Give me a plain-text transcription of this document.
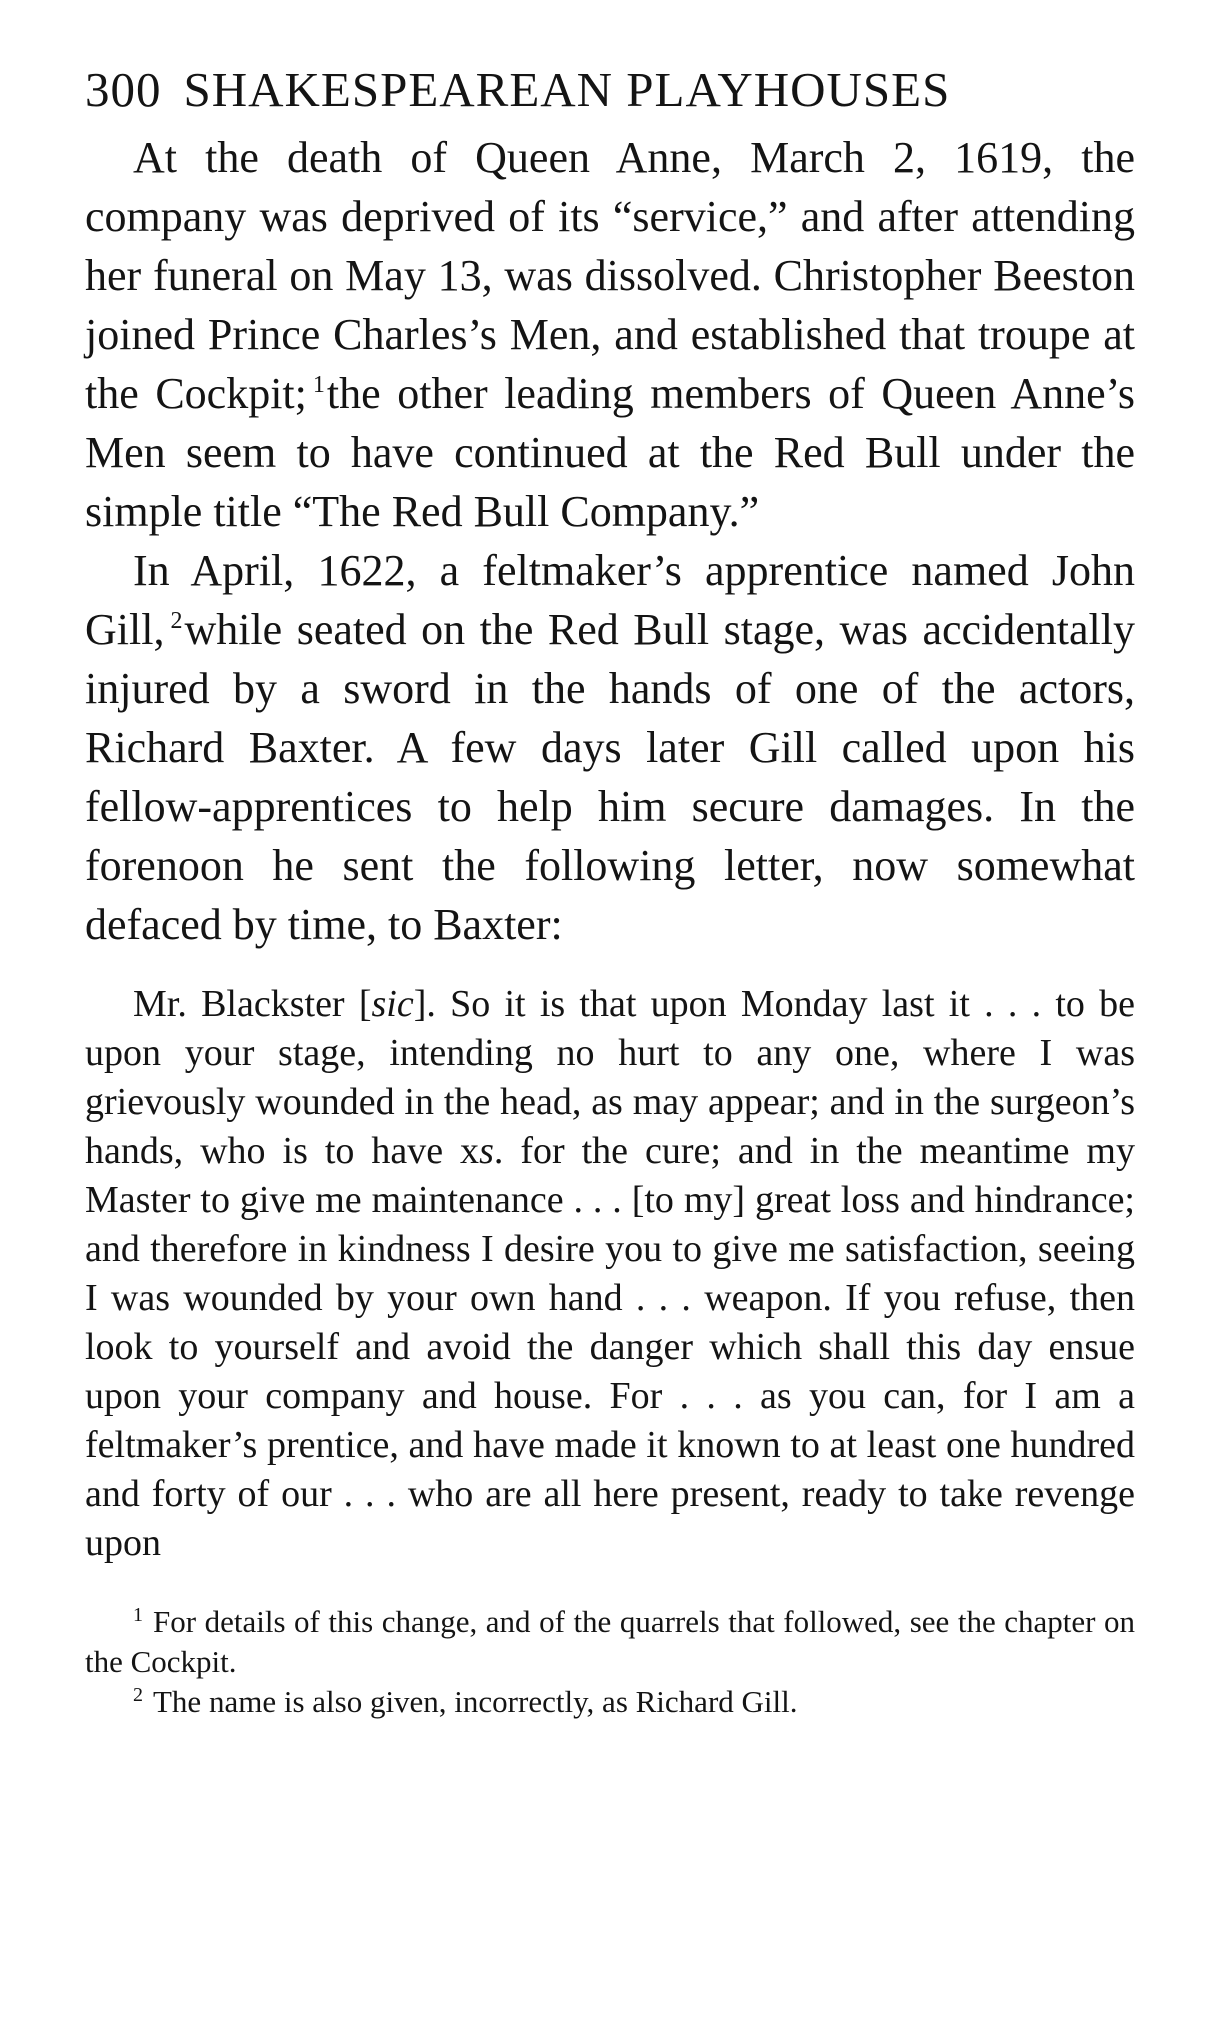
300 SHAKESPEAREAN PLAYHOUSES

At the death of Queen Anne, March 2, 1619, the company was deprived of its “service,” and after attending her funeral on May 13, was dissolved. Christopher Beeston joined Prince Charles’s Men, and established that troupe at the Cockpit; $^1$the other leading members of Queen Anne’s Men seem to have continued at the Red Bull under the simple title “The Red Bull Company.”

In April, 1622, a feltmaker’s apprentice named John Gill, $^2$while seated on the Red Bull stage, was accidentally injured by a sword in the hands of one of the actors, Richard Baxter. A few days later Gill called upon his fellow-apprentices to help him secure damages. In the forenoon he sent the following letter, now somewhat defaced by time, to Baxter:

Mr. Blackster [sic]. So it is that upon Monday last it . . . to be upon your stage, intending no hurt to any one, where I was grievously wounded in the head, as may appear; and in the surgeon’s hands, who is to have xs. for the cure; and in the meantime my Master to give me maintenance . . . [to my] great loss and hindrance; and therefore in kindness I desire you to give me satisfaction, seeing I was wounded by your own hand . . . weapon. If you refuse, then look to yourself and avoid the danger which shall this day ensue upon your company and house. For . . . as you can, for I am a feltmaker’s prentice, and have made it known to at least one hundred and forty of our . . . who are all here present, ready to take revenge upon

$^1$ For details of this change, and of the quarrels that followed, see the chapter on the Cockpit.

$^2$ The name is also given, incorrectly, as Richard Gill.
